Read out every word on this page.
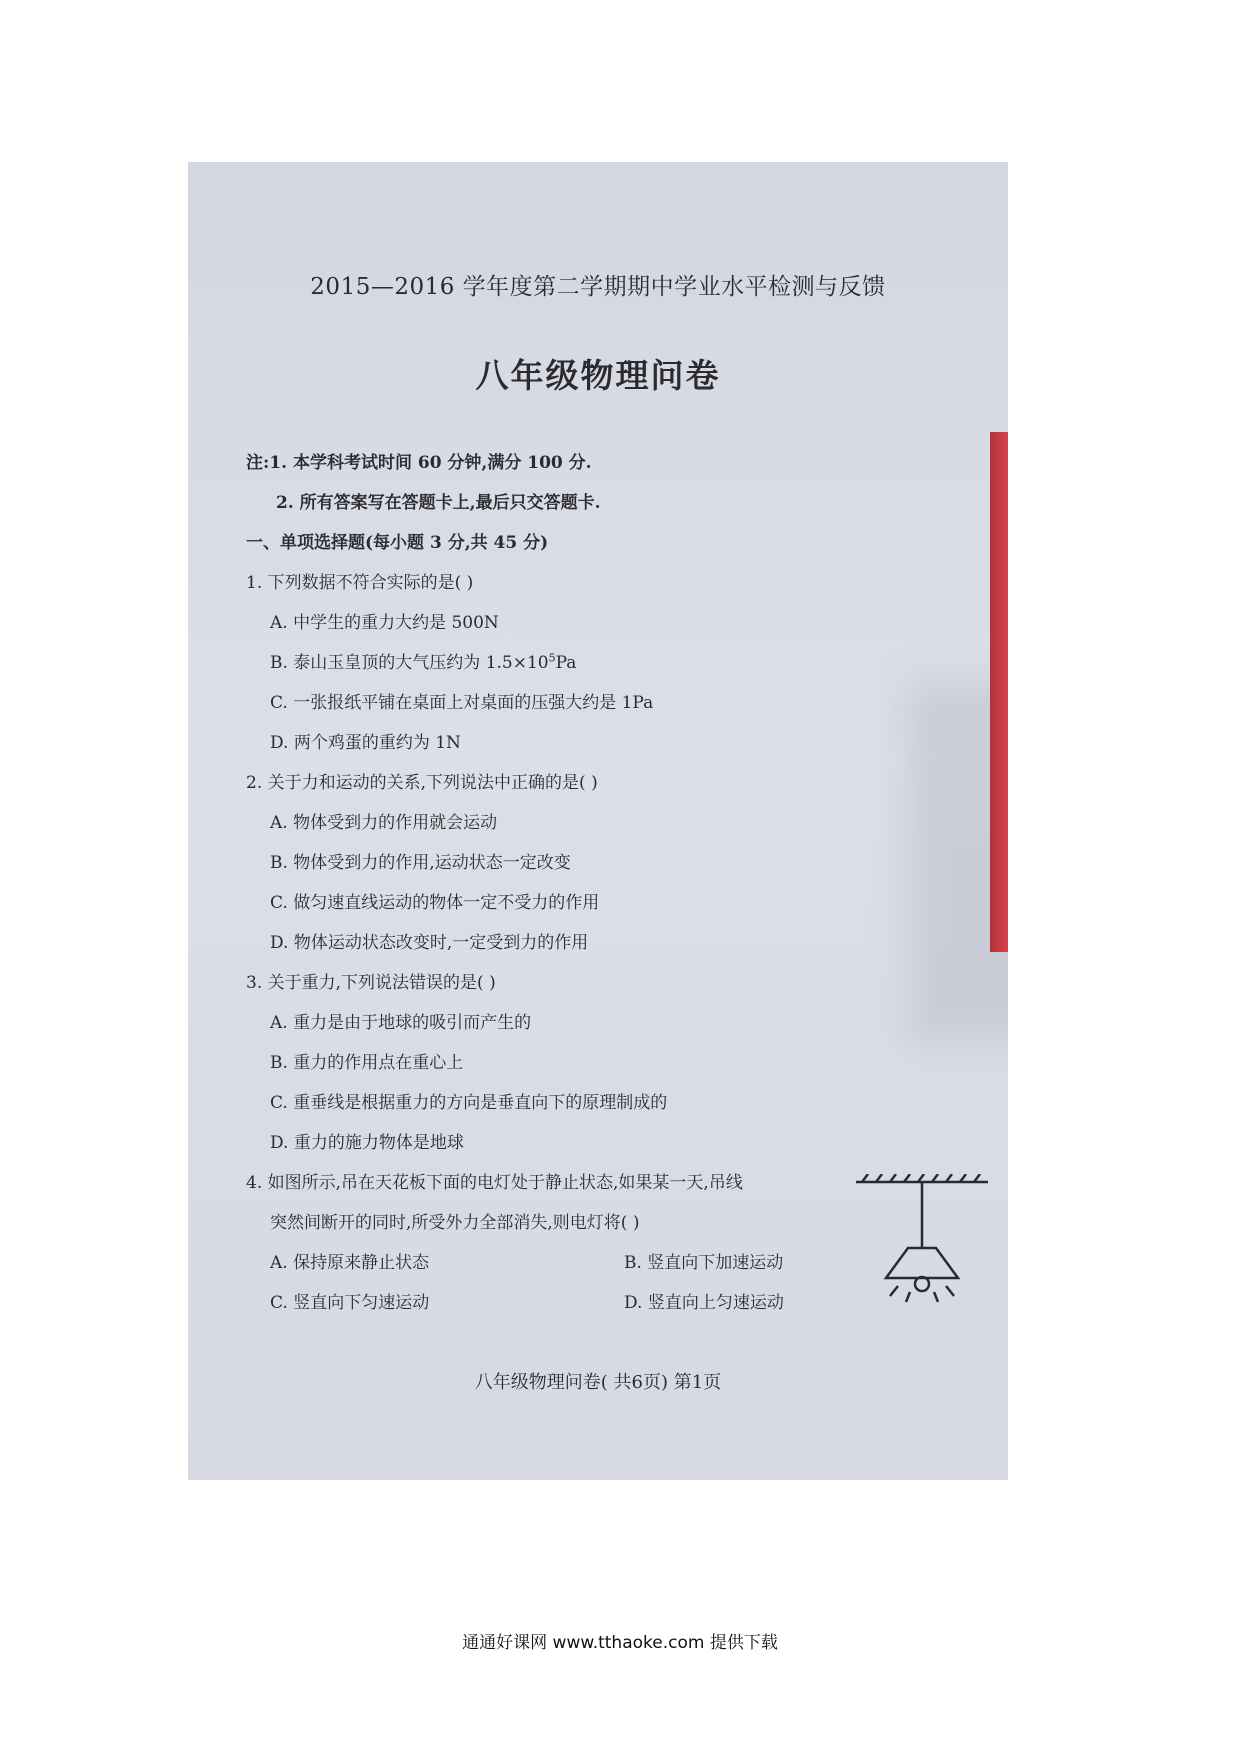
2015—2016 学年度第二学期期中学业水平检测与反馈
八年级物理问卷
注:1. 本学科考试时间 60 分钟,满分 100 分.
2. 所有答案写在答题卡上,最后只交答题卡.
一、单项选择题(每小题 3 分,共 45 分)
1. 下列数据不符合实际的是( )
A. 中学生的重力大约是 500N
B. 泰山玉皇顶的大气压约为 $1.5\times 10^5Pa$
C. 一张报纸平铺在桌面上对桌面的压强大约是 1Pa
D. 两个鸡蛋的重约为 1N
2. 关于力和运动的关系,下列说法中正确的是( )
A. 物体受到力的作用就会运动
B. 物体受到力的作用,运动状态一定改变
C. 做匀速直线运动的物体一定不受力的作用
D. 物体运动状态改变时,一定受到力的作用
3. 关于重力,下列说法错误的是( )
A. 重力是由于地球的吸引而产生的
B. 重力的作用点在重心上
C. 重垂线是根据重力的方向是垂直向下的原理制成的
D. 重力的施力物体是地球
4. 如图所示,吊在天花板下面的电灯处于静止状态,如果某一天,吊线
突然间断开的同时,所受外力全部消失,则电灯将( )
A. 保持原来静止状态	B. 竖直向下加速运动
C. 竖直向下匀速运动	D. 竖直向上匀速运动
八年级物理问卷( 共6页) 第1页
通通好课网 www.tthaoke.com 提供下载
